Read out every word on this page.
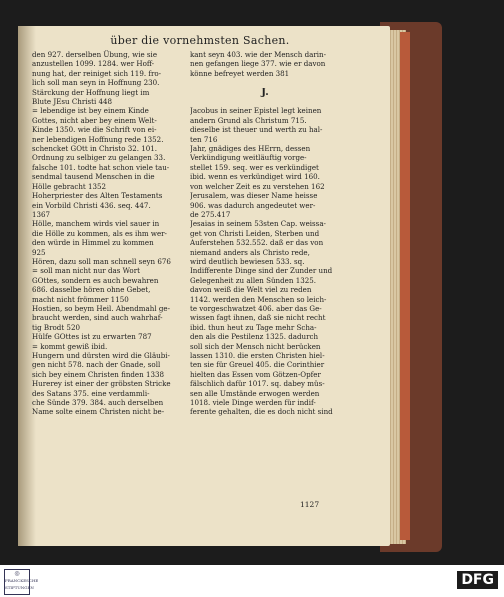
über die vornehmsten Sachen.

den 927. derselben Übung, wie sie

anzustellen 1099. 1284. wer Hoff-

nung hat, der reiniget sich 119. fro-

lich soll man seyn in Hoffnung 230.

Stärckung der Hoffnung liegt im

Blute JEsu Christi 448

= lebendige ist bey einem Kinde

Gottes, nicht aber bey einem Welt-

Kinde 1350. wie die Schrift von ei-

ner lebendigen Hoffnung rede 1352.

schencket GOtt in Christo 32. 101.

Ordnung zu selbiger zu gelangen 33.

falsche 101. todte hat schon viele tau-

sendmal tausend Menschen in die

Hölle gebracht 1352

Hoherpriester des Alten Testaments

ein Vorbild Christi 436. seq. 447.

1367

Hölle, manchem wirds viel sauer in

die Hölle zu kommen, als es ihm wer-

den würde in Himmel zu kommen

925

Hören, dazu soll man schnell seyn 676

= soll man nicht nur das Wort

GOttes, sondern es auch bewahren

686. dasselbe hören ohne Gebet,

macht nicht frömmer 1150

Hostien, so beym Heil. Abendmahl ge-

braucht werden, sind auch wahrhaf-

tig Brodt 520

Hülfe GOttes ist zu erwarten 787

= kommt gewiß ibid.

Hungern und dürsten wird die Gläubi-

gen nicht 578. nach der Gnade, soll

sich bey einem Christen finden 1338

Hurerey ist einer der gröbsten Stricke

des Satans 375. eine verdammli-

che Sünde 379. 384. auch derselben

Name solte einem Christen nicht be-

kant seyn 403. wie der Mensch darin-

nen gefangen liege 377. wie er davon

könne befreyet werden 381

J.

Jacobus in seiner Epistel legt keinen

andern Grund als Christum 715.

dieselbe ist theuer und werth zu hal-

ten 716

Jahr, gnädiges des HErrn, dessen

Verkündigung weitläuftig vorge-

stellet 159. seq. wer es verkündiget

ibid. wenn es verkündiget wird 160.

von welcher Zeit es zu verstehen 162

Jerusalem, was dieser Name heisse

906. was dadurch angedeutet wer-

de 275.417

Jesaias in seinem 53sten Cap. weissa-

get von Christi Leiden, Sterben und

Auferstehen 532.552. daß er das von

niemand anders als Christo rede,

wird deutlich bewiesen 533. sq.

Indifferente Dinge sind der Zunder und

Gelegenheit zu allen Sünden 1325.

davon weiß die Welt viel zu reden

1142. werden den Menschen so leich-

te vorgeschwatzet 406. aber das Ge-

wissen fagt ihnen, daß sie nicht recht

ibid. thun heut zu Tage mehr Scha-

den als die Pestilenz 1325. dadurch

soll sich der Mensch nicht berücken

lassen 1310. die ersten Christen hiel-

ten sie für Greuel 405. die Corinthier

hielten das Essen vom Götzen-Opfer

fälschlich dafür 1017. sq. dabey müs-

sen alle Umstände erwogen werden

1018. viele Dinge werden für indif-

ferente gehalten, die es doch nicht sind

1127
◎
FRANCKESCHE STIFTUNGEN	DFG
